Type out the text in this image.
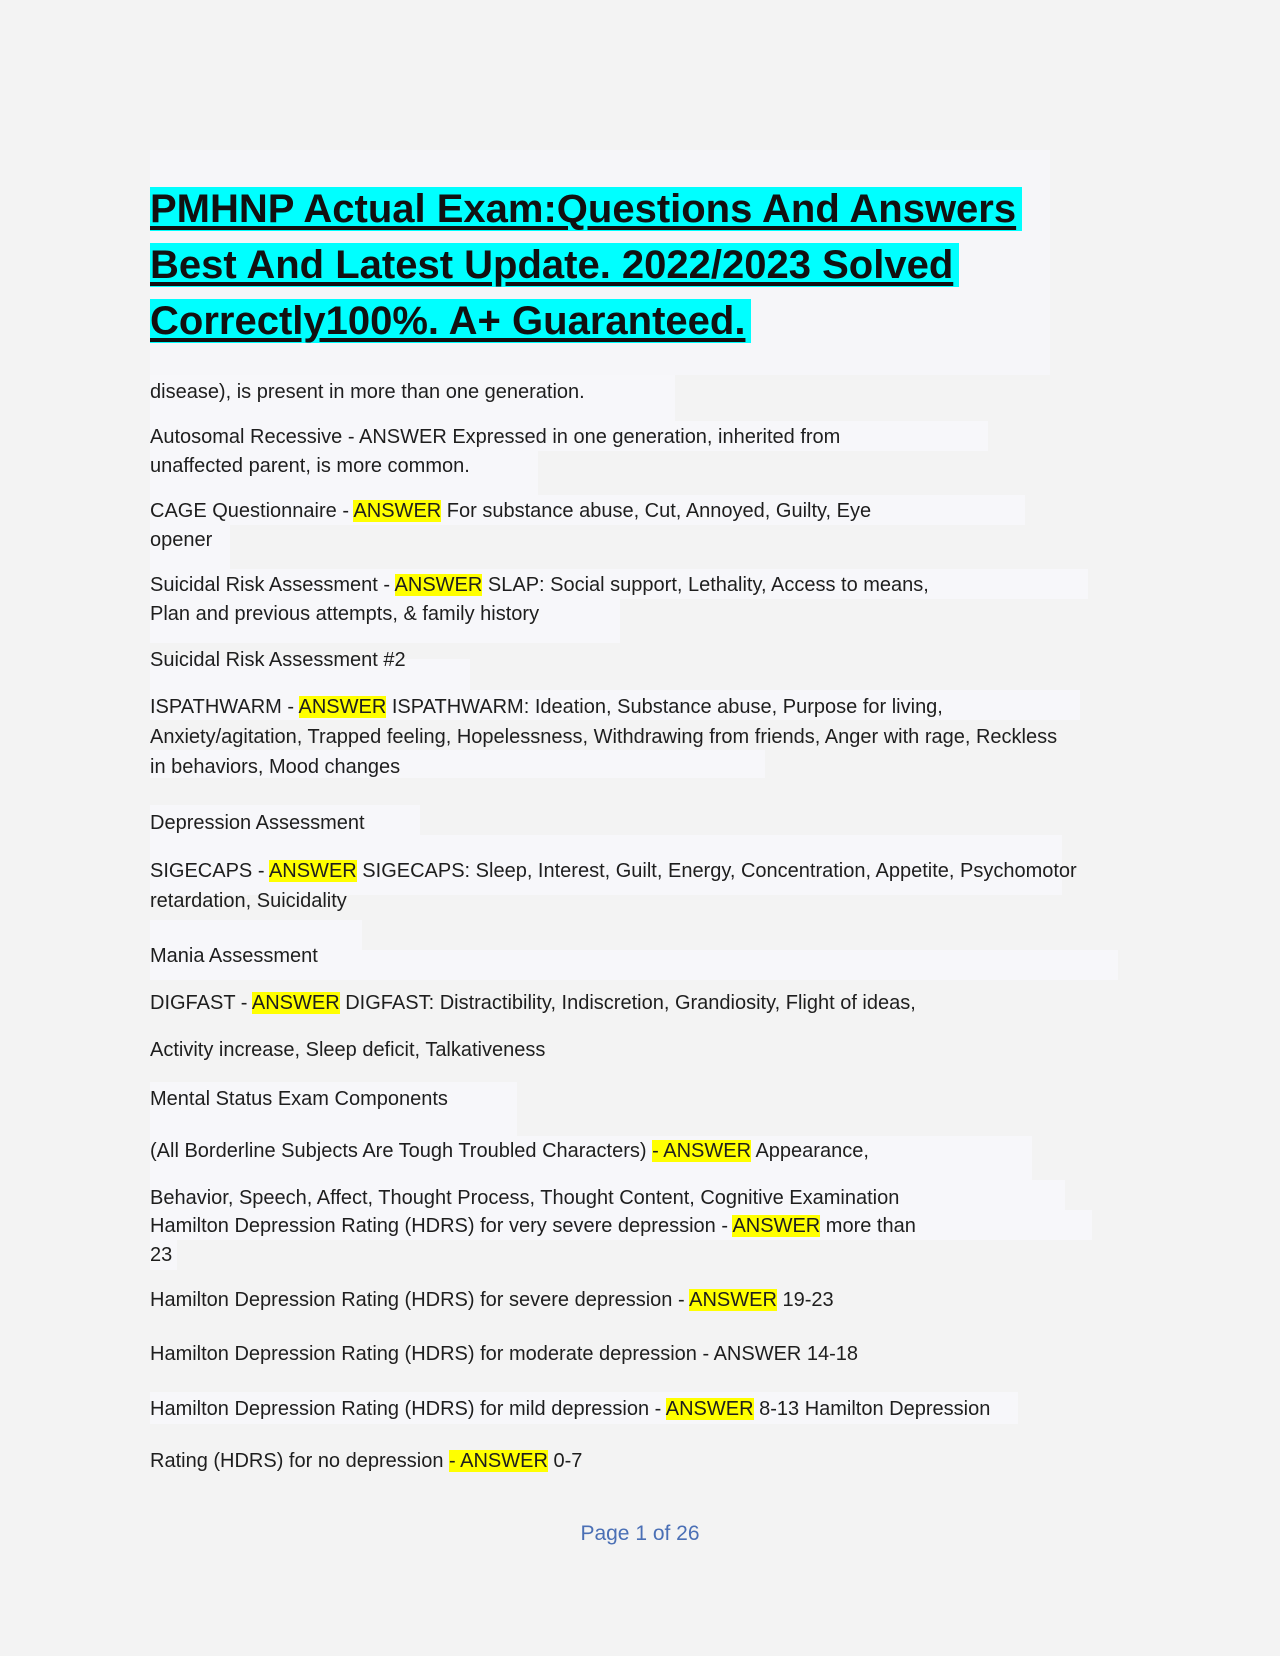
PMHNP Actual Exam:Questions And Answers
Best And Latest Update. 2022/2023 Solved
Correctly100%. A+ Guaranteed.
disease), is present in more than one generation.
Autosomal Recessive - ANSWER Expressed in one generation, inherited from
unaffected parent, is more common.
CAGE Questionnaire - ANSWER For substance abuse, Cut, Annoyed, Guilty, Eye
opener
Suicidal Risk Assessment - ANSWER SLAP: Social support, Lethality, Access to means,
Plan and previous attempts, & family history
Suicidal Risk Assessment #2
ISPATHWARM - ANSWER ISPATHWARM: Ideation, Substance abuse, Purpose for living,
Anxiety/agitation, Trapped feeling, Hopelessness, Withdrawing from friends, Anger with rage, Reckless
in behaviors, Mood changes
Depression Assessment
SIGECAPS - ANSWER SIGECAPS: Sleep, Interest, Guilt, Energy, Concentration, Appetite, Psychomotor
retardation, Suicidality
Mania Assessment
DIGFAST - ANSWER DIGFAST: Distractibility, Indiscretion, Grandiosity, Flight of ideas,
Activity increase, Sleep deficit, Talkativeness
Mental Status Exam Components
(All Borderline Subjects Are Tough Troubled Characters) - ANSWER Appearance,
Behavior, Speech, Affect, Thought Process, Thought Content, Cognitive Examination
Hamilton Depression Rating (HDRS) for very severe depression - ANSWER more than
23
Hamilton Depression Rating (HDRS) for severe depression - ANSWER 19-23
Hamilton Depression Rating (HDRS) for moderate depression - ANSWER 14-18
Hamilton Depression Rating (HDRS) for mild depression - ANSWER 8-13 Hamilton Depression
Rating (HDRS) for no depression - ANSWER 0-7
Page 1 of 26
